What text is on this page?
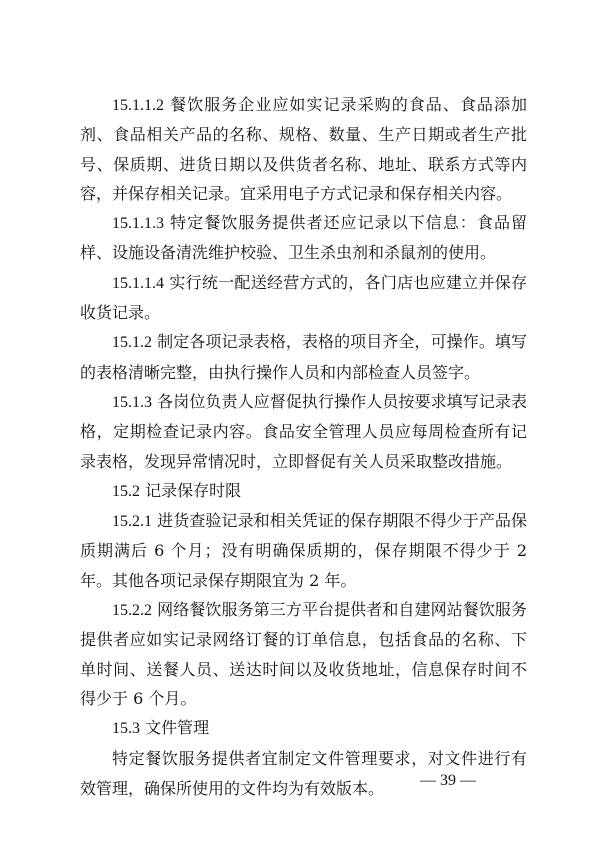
15.1.1.2 餐饮服务企业应如实记录采购的食品、食品添加剂、食品相关产品的名称、规格、数量、生产日期或者生产批号、保质期、进货日期以及供货者名称、地址、联系方式等内容，并保存相关记录。宜采用电子方式记录和保存相关内容。

15.1.1.3 特定餐饮服务提供者还应记录以下信息：食品留样、设施设备清洗维护校验、卫生杀虫剂和杀鼠剂的使用。

15.1.1.4 实行统一配送经营方式的，各门店也应建立并保存收货记录。

15.1.2 制定各项记录表格，表格的项目齐全，可操作。填写的表格清晰完整，由执行操作人员和内部检查人员签字。

15.1.3 各岗位负责人应督促执行操作人员按要求填写记录表格，定期检查记录内容。食品安全管理人员应每周检查所有记录表格，发现异常情况时，立即督促有关人员采取整改措施。

15.2 记录保存时限

15.2.1 进货查验记录和相关凭证的保存期限不得少于产品保质期满后 6 个月；没有明确保质期的，保存期限不得少于 2 年。其他各项记录保存期限宜为 2 年。

15.2.2 网络餐饮服务第三方平台提供者和自建网站餐饮服务提供者应如实记录网络订餐的订单信息，包括食品的名称、下单时间、送餐人员、送达时间以及收货地址，信息保存时间不得少于 6 个月。

15.3 文件管理

特定餐饮服务提供者宜制定文件管理要求，对文件进行有效管理，确保所使用的文件均为有效版本。	— 39 —
